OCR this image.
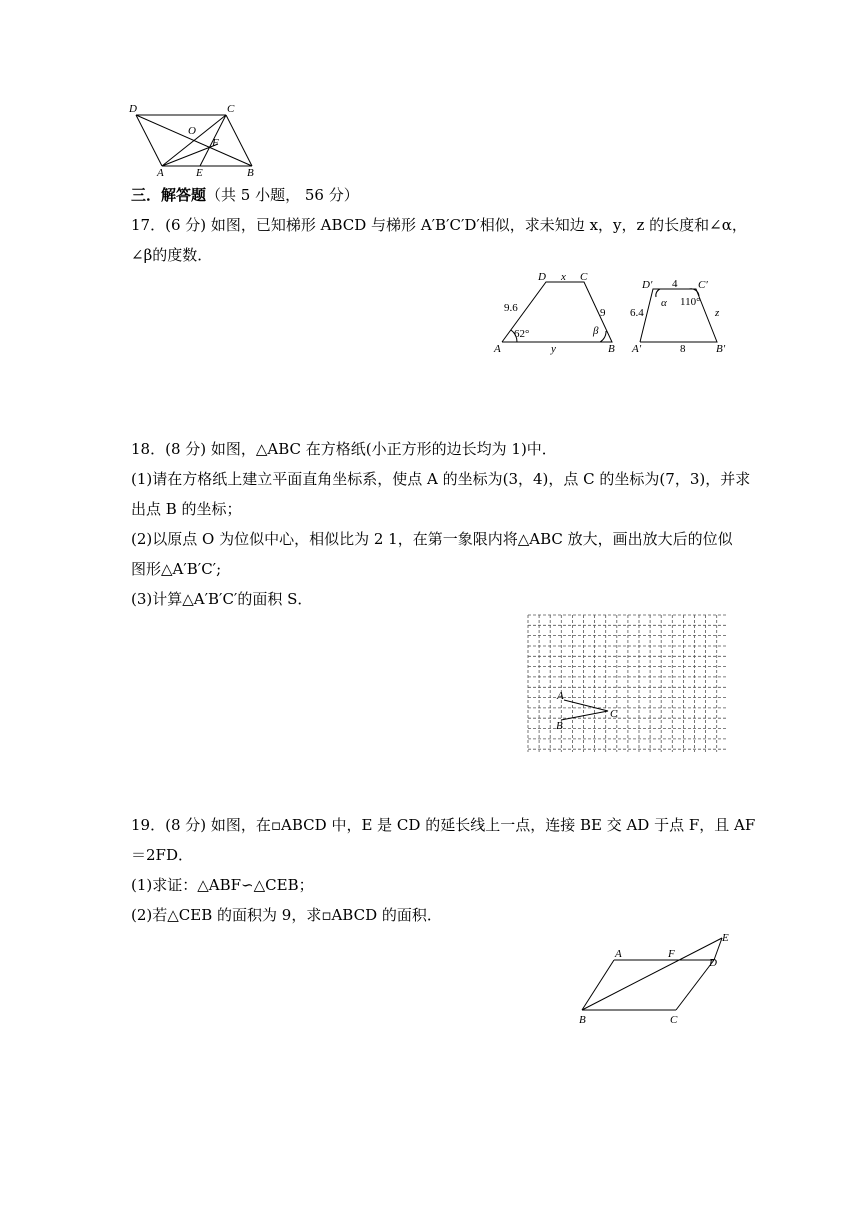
D	C
O
F
A	E	B
三．解答题（共 5 小题， 56 分）
17．(6 分) 如图，已知梯形 ABCD 与梯形 A′B′C′D′相似，求未知边 x，y，z 的长度和∠α，
∠β的度数．
D x C
9.6	9
62°	β
A	y	B
D′ 4 C′
6.4
α 110°
z
A′	8	B′
18．(8 分) 如图，△ABC 在方格纸(小正方形的边长均为 1)中．
(1)请在方格纸上建立平面直角坐标系，使点 A 的坐标为(3，4)，点 C 的坐标为(7，3)，并求
出点 B 的坐标；
(2)以原点 O 为位似中心，相似比为 2 1，在第一象限内将△ABC 放大，画出放大后的位似
图形△A′B′C′;
(3)计算△A′B′C′的面积 S．
A
B
C
19．(8 分) 如图，在▫ABCD 中，E 是 CD 的延长线上一点，连接 BE 交 AD 于点 F，且 AF
＝2FD．
(1)求证：△ABF∽△CEB；
(2)若△CEB 的面积为 9，求▫ABCD 的面积．
A	F
E
D
B	C
